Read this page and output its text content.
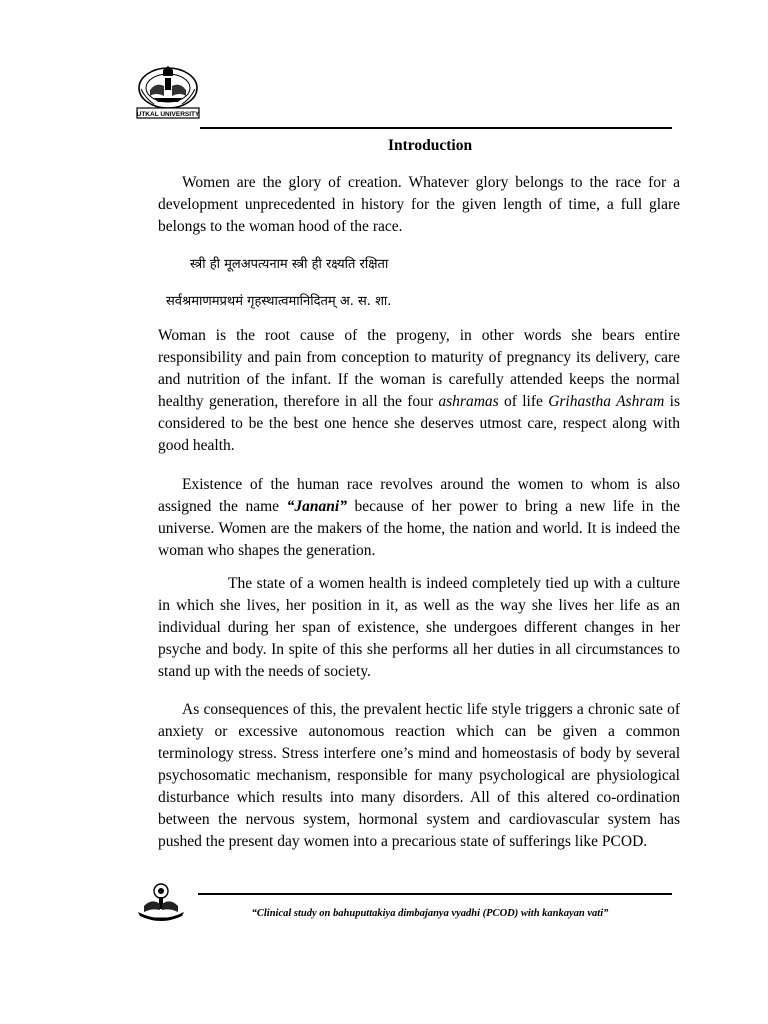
UTKAL UNIVERSITY
Introduction

Women are the glory of creation. Whatever glory belongs to the race for a development unprecedented in history for the given length of time, a full glare belongs to the woman hood of the race.

स्त्री ही मूलअपत्यनाम स्त्री ही रक्ष्यति रक्षिता
सर्वश्रमाणमप्रथमं गृहस्थात्वमानिदितम् अ. स. शा.

Woman is the root cause of the progeny, in other words she bears entire responsibility and pain from conception to maturity of pregnancy its delivery, care and nutrition of the infant. If the woman is carefully attended keeps the normal healthy generation, therefore in all the four ashramas of life Grihastha Ashram is considered to be the best one hence she deserves utmost care, respect along with good health.

Existence of the human race revolves around the women to whom is also assigned the name “Janani” because of her power to bring a new life in the universe. Women are the makers of the home, the nation and world. It is indeed the woman who shapes the generation.

The state of a women health is indeed completely tied up with a culture in which she lives, her position in it, as well as the way she lives her life as an individual during her span of existence, she undergoes different changes in her psyche and body. In spite of this she performs all her duties in all circumstances to stand up with the needs of society.

As consequences of this, the prevalent hectic life style triggers a chronic sate of anxiety or excessive autonomous reaction which can be given a common terminology stress. Stress interfere one’s mind and homeostasis of body by several psychosomatic mechanism, responsible for many psychological are physiological disturbance which results into many disorders. All of this altered co-ordination between the nervous system, hormonal system and cardiovascular system has pushed the present day women into a precarious state of sufferings like PCOD.

“Clinical study on bahuputtakiya dimbajanya vyadhi (PCOD) with kankayan vati”
